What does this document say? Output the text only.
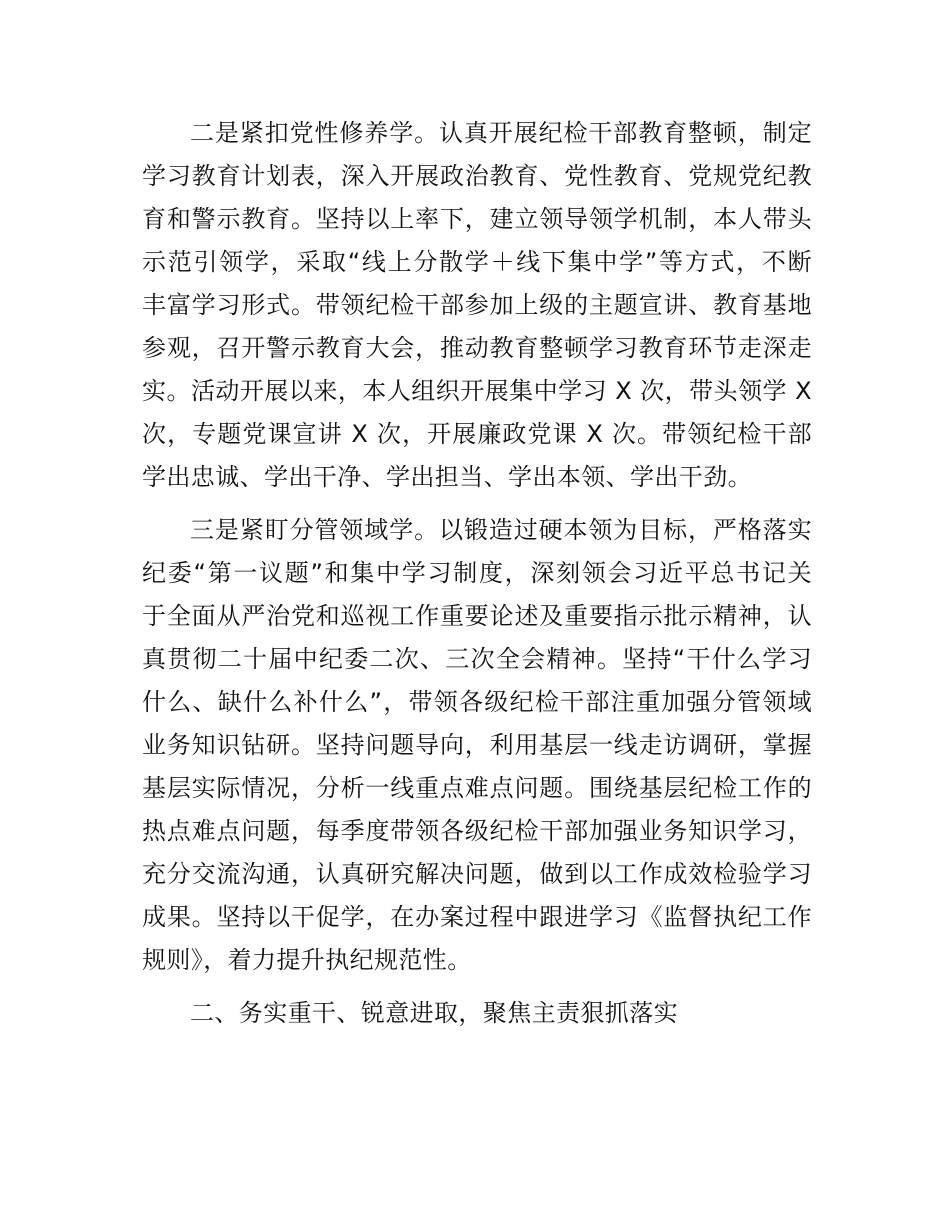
二是紧扣党性修养学。认真开展纪检干部教育整顿，制定
学习教育计划表，深入开展政治教育、党性教育、党规党纪教
育和警示教育。坚持以上率下，建立领导领学机制，本人带头
示范引领学，采取“线上分散学＋线下集中学”等方式，不断
丰富学习形式。带领纪检干部参加上级的主题宣讲、教育基地
参观，召开警示教育大会，推动教育整顿学习教育环节走深走
实。活动开展以来，本人组织开展集中学习 X 次，带头领学 X
次，专题党课宣讲 X 次，开展廉政党课 X 次。带领纪检干部
学出忠诚、学出干净、学出担当、学出本领、学出干劲。
三是紧盯分管领域学。以锻造过硬本领为目标，严格落实
纪委“第一议题”和集中学习制度，深刻领会习近平总书记关
于全面从严治党和巡视工作重要论述及重要指示批示精神，认
真贯彻二十届中纪委二次、三次全会精神。坚持“干什么学习
什么、缺什么补什么”，带领各级纪检干部注重加强分管领域
业务知识钻研。坚持问题导向，利用基层一线走访调研，掌握
基层实际情况，分析一线重点难点问题。围绕基层纪检工作的
热点难点问题，每季度带领各级纪检干部加强业务知识学习，
充分交流沟通，认真研究解决问题，做到以工作成效检验学习
成果。坚持以干促学，在办案过程中跟进学习《监督执纪工作
规则》，着力提升执纪规范性。
二、务实重干、锐意进取，聚焦主责狠抓落实
